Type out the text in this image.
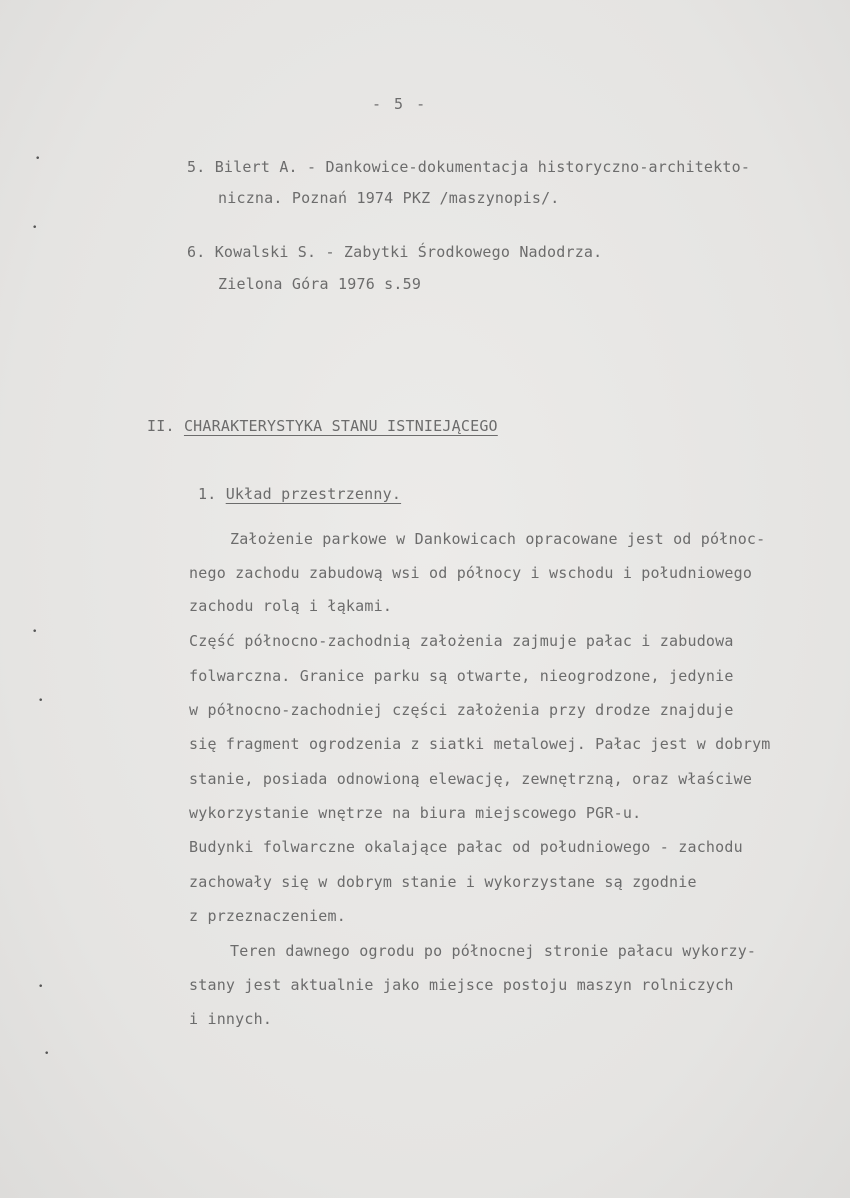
- 5 -
5. Bilert A. - Dankowice-dokumentacja historyczno-architekto-
niczna. Poznań 1974 PKZ /maszynopis/.
6. Kowalski S. - Zabytki Środkowego Nadodrza.
Zielona Góra 1976 s.59
II. CHARAKTERYSTYKA STANU ISTNIEJĄCEGO
1. Układ przestrzenny.
Założenie parkowe w Dankowicach opracowane jest od północ-
nego zachodu zabudową wsi od północy i wschodu i południowego
zachodu rolą i łąkami.
Część północno-zachodnią założenia zajmuje pałac i zabudowa
folwarczna. Granice parku są otwarte, nieogrodzone, jedynie
w północno-zachodniej części założenia przy drodze znajduje
się fragment ogrodzenia z siatki metalowej. Pałac jest w dobrym
stanie, posiada odnowioną elewację, zewnętrzną, oraz właściwe
wykorzystanie wnętrze na biura miejscowego PGR-u.
Budynki folwarczne okalające pałac od południowego - zachodu
zachowały się w dobrym stanie i wykorzystane są zgodnie
z przeznaczeniem.
Teren dawnego ogrodu po północnej stronie pałacu wykorzy-
stany jest aktualnie jako miejsce postoju maszyn rolniczych
i innych.
•
•
•
•
•
•
